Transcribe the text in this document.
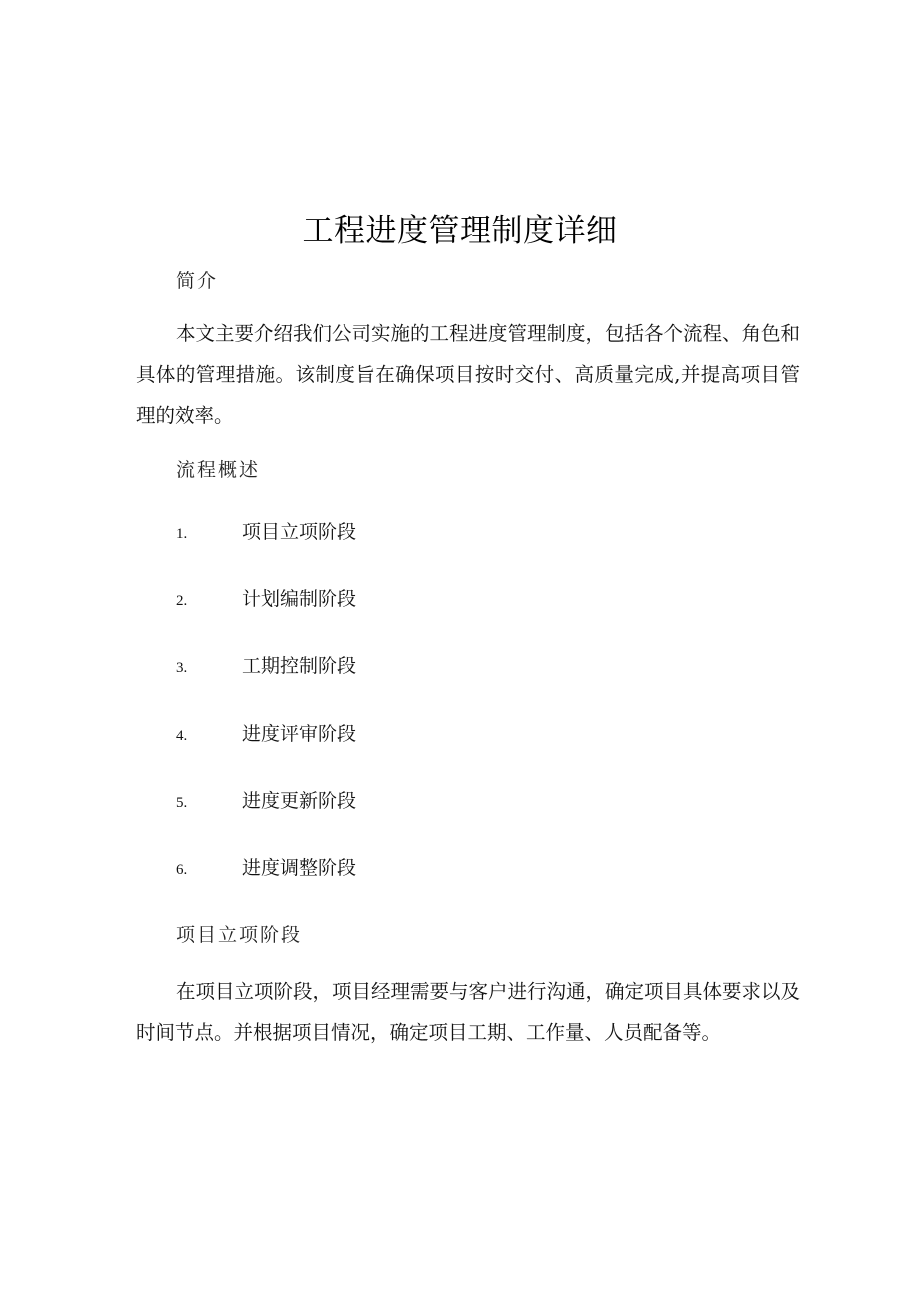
工程进度管理制度详细
简介
本文主要介绍我们公司实施的工程进度管理制度，包括各个流程、角色和具体的管理措施。该制度旨在确保项目按时交付、高质量完成,并提高项目管理的效率。
流程概述
1.	项目立项阶段
2.	计划编制阶段
3.	工期控制阶段
4.	进度评审阶段
5.	进度更新阶段
6.	进度调整阶段
项目立项阶段
在项目立项阶段，项目经理需要与客户进行沟通，确定项目具体要求以及时间节点。并根据项目情况，确定项目工期、工作量、人员配备等。
